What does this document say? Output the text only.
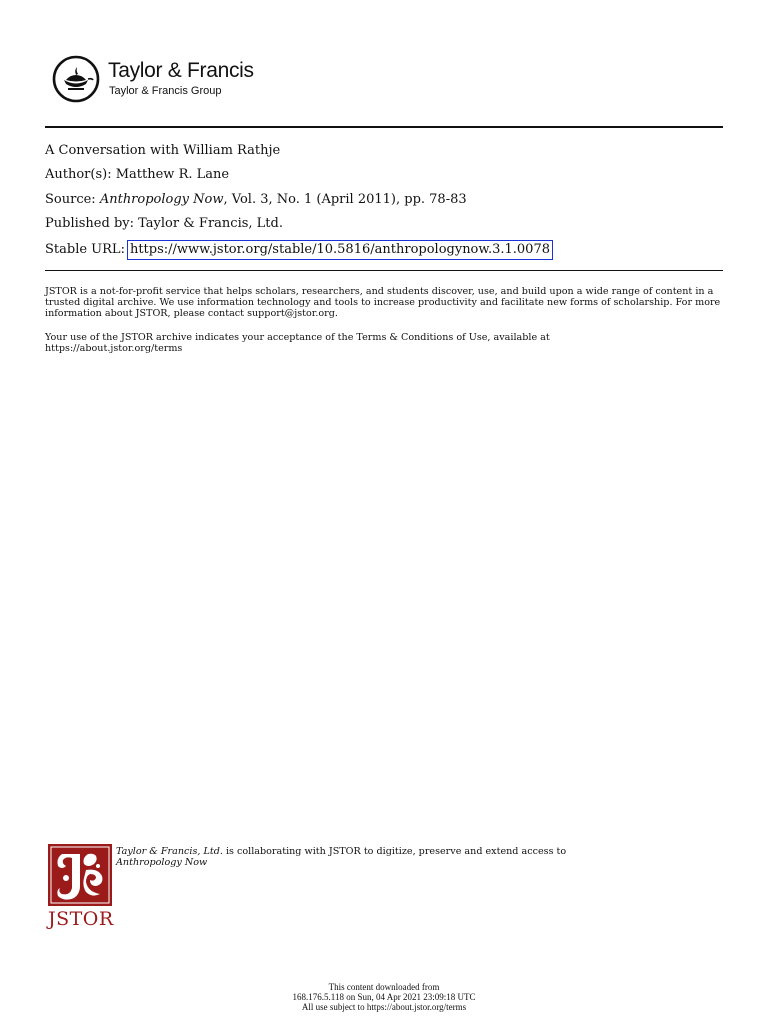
Taylor & Francis
Taylor & Francis Group
A Conversation with William Rathje
Author(s): Matthew R. Lane
Source: Anthropology Now, Vol. 3, No. 1 (April 2011), pp. 78-83
Published by: Taylor & Francis, Ltd.
Stable URL: https://www.jstor.org/stable/10.5816/anthropologynow.3.1.0078
JSTOR is a not-for-profit service that helps scholars, researchers, and students discover, use, and build upon a wide range of content in a trusted digital archive. We use information technology and tools to increase productivity and facilitate new forms of scholarship. For more information about JSTOR, please contact support@jstor.org.
Your use of the JSTOR archive indicates your acceptance of the Terms & Conditions of Use, available at
https://about.jstor.org/terms
JSTOR
Taylor & Francis, Ltd. is collaborating with JSTOR to digitize, preserve and extend access to
Anthropology Now
This content downloaded from
168.176.5.118 on Sun, 04 Apr 2021 23:09:18 UTC
All use subject to https://about.jstor.org/terms
